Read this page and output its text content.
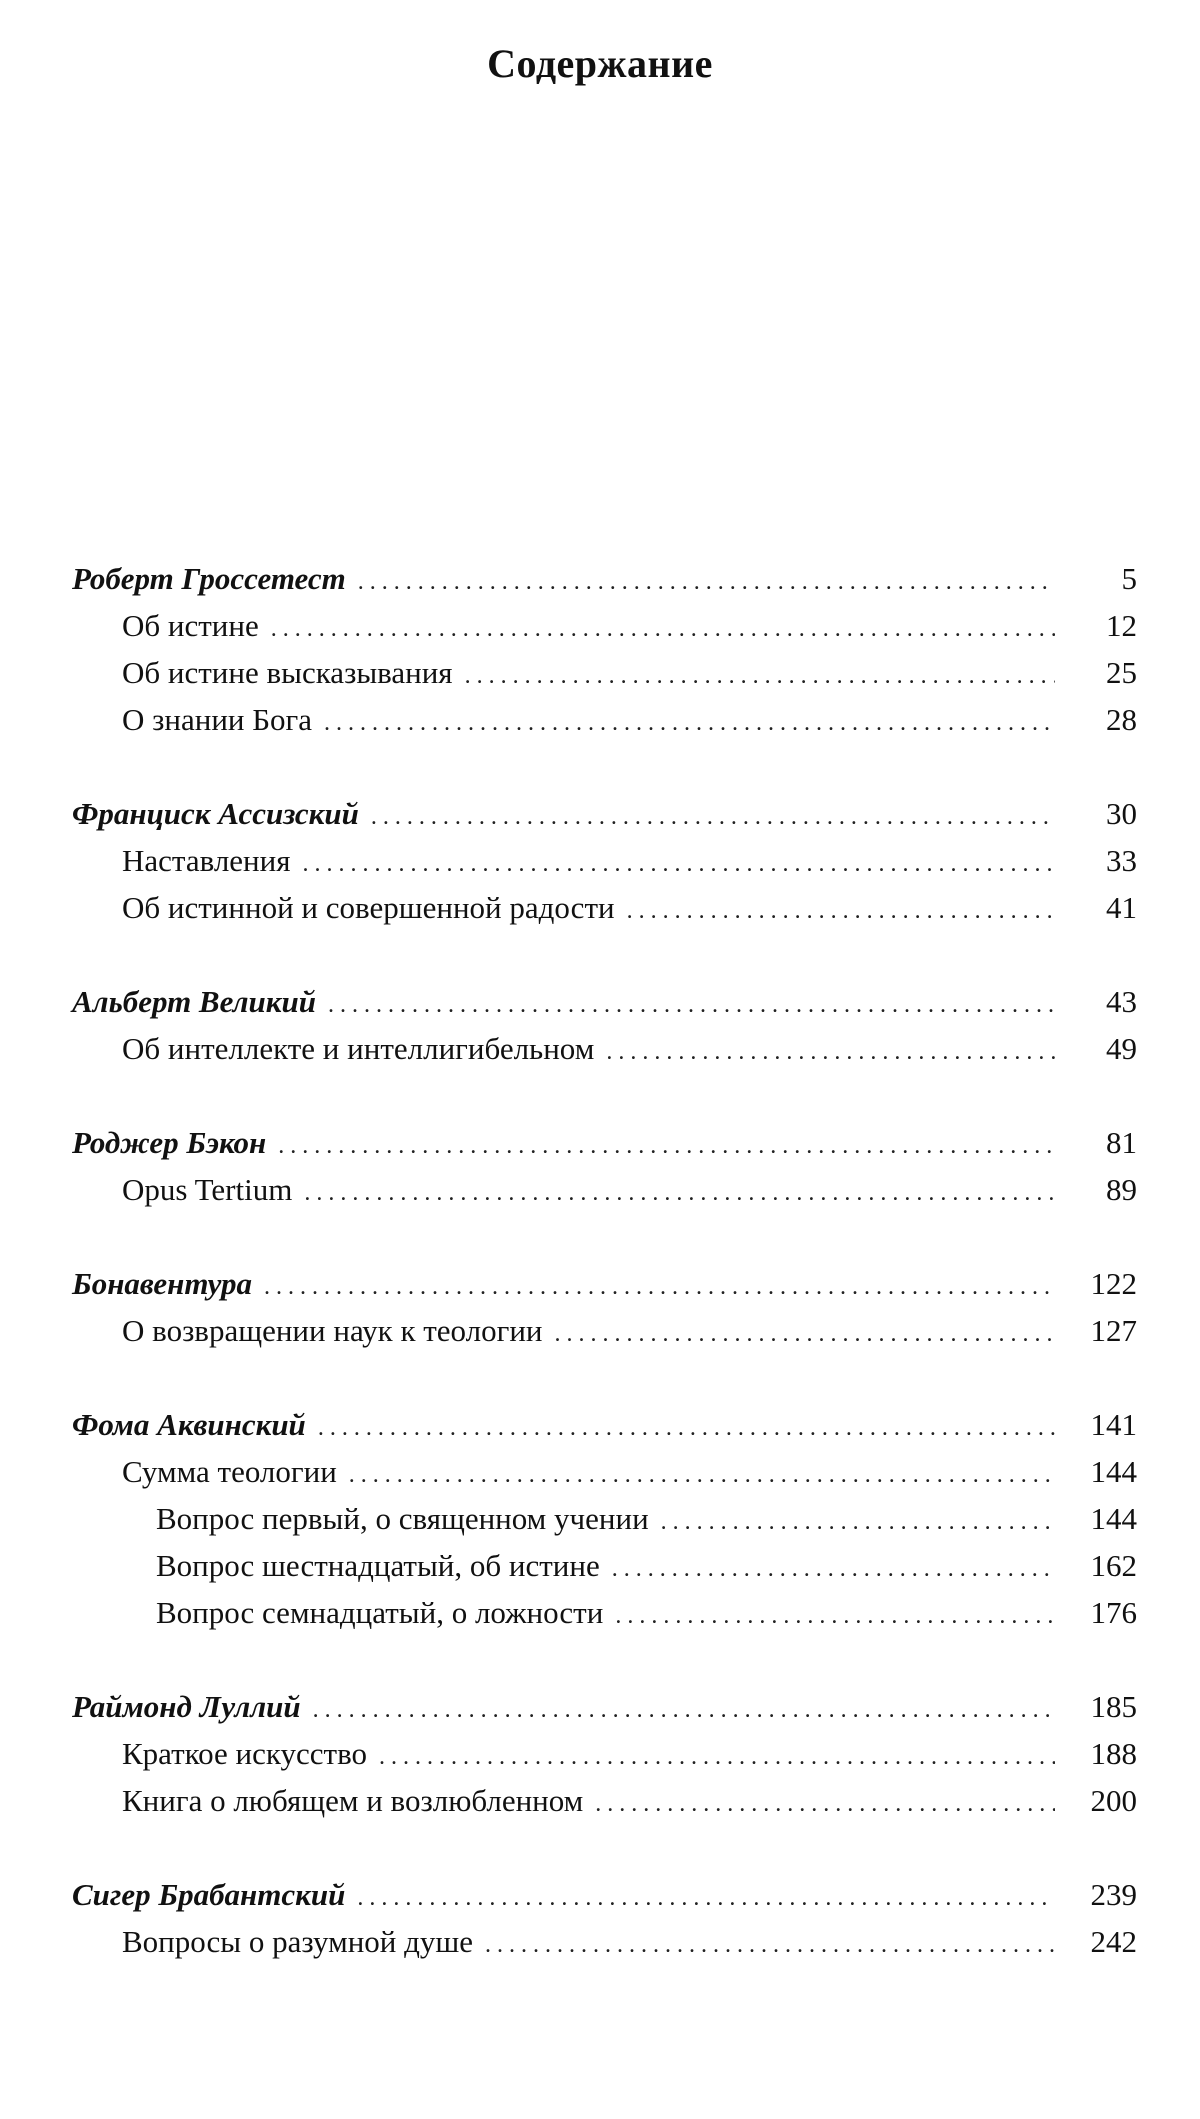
Содержание
Роберт Гроссетест . . .	5
Об истине . . .	12
Об истине высказывания . . .	25
О знании Бога . . .	28
Франциск Ассизский . . .	30
Наставления . . .	33
Об истинной и совершенной радости . . .	41
Альберт Великий . . .	43
Об интеллекте и интеллигибельном . . .	49
Роджер Бэкон . . .	81
Opus Tertium . . .	89
Бонавентура . . .	122
О возвращении наук к теологии . . .	127
Фома Аквинский . . .	141
Сумма теологии . . .	144
Вопрос первый, о священном учении . . .	144
Вопрос шестнадцатый, об истине . . .	162
Вопрос семнадцатый, о ложности . . .	176
Раймонд Луллий . . .	185
Краткое искусство . . .	188
Книга о любящем и возлюбленном . . .	200
Сигер Брабантский . . .	239
Вопросы о разумной душе . . .	242
